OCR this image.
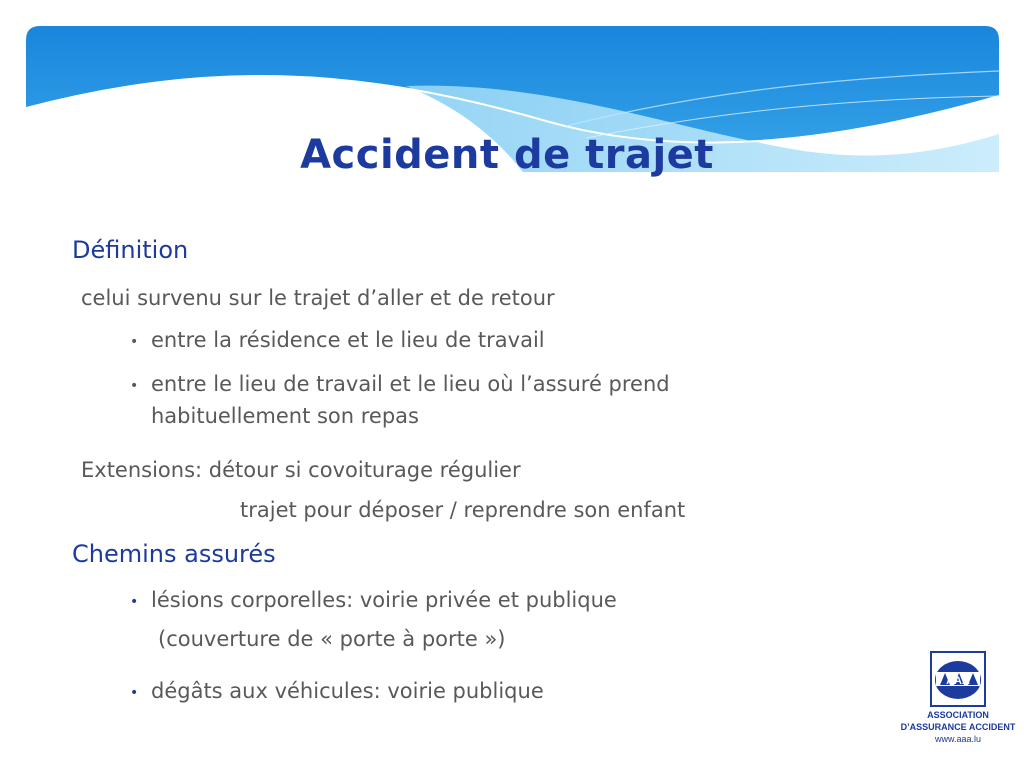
Accident de trajet
Définition
celui survenu sur le trajet d’aller et de retour
• entre la résidence et le lieu de travail
• entre le lieu de travail et le lieu où l’assuré prend
habituellement son repas
Extensions: détour si covoiturage régulier
trajet pour déposer / reprendre son enfant
Chemins assurés
• lésions corporelles: voirie privée et publique
(couverture de « porte à porte »)
• dégâts aux véhicules: voirie publique	AAA
ASSOCIATION
D’ASSURANCE ACCIDENT
www.aaa.lu
